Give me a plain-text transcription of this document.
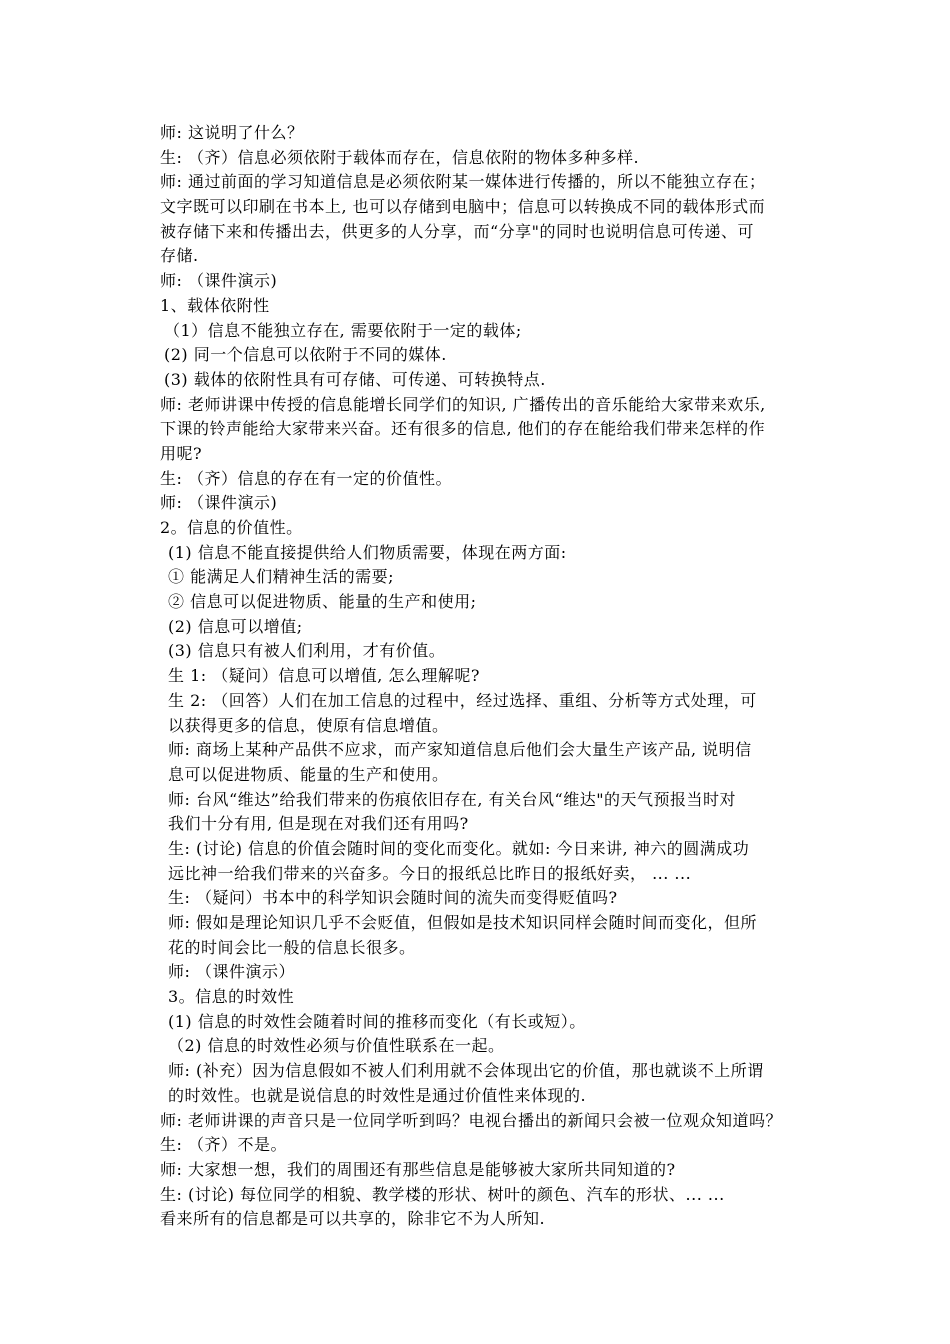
师: 这说明了什么？
生: （齐）信息必须依附于载体而存在，信息依附的物体多种多样.
师: 通过前面的学习知道信息是必须依附某一媒体进行传播的，所以不能独立存在；
文字既可以印刷在书本上, 也可以存储到电脑中；信息可以转换成不同的载体形式而
被存储下来和传播出去，供更多的人分享，而“分享"的同时也说明信息可传递、可
存储.
师: （课件演示)
1、载体依附性
（1）信息不能独立存在, 需要依附于一定的载体;
(2) 同一个信息可以依附于不同的媒体.
(3) 载体的依附性具有可存储、可传递、可转换特点.
师: 老师讲课中传授的信息能增长同学们的知识, 广播传出的音乐能给大家带来欢乐,
下课的铃声能给大家带来兴奋。还有很多的信息, 他们的存在能给我们带来怎样的作
用呢?
生: （齐）信息的存在有一定的价值性。
师: （课件演示)
2。信息的价值性。
(1) 信息不能直接提供给人们物质需要，体现在两方面:
① 能满足人们精神生活的需要;
② 信息可以促进物质、能量的生产和使用;
(2) 信息可以增值;
(3) 信息只有被人们利用，才有价值。
生 1: （疑问）信息可以增值, 怎么理解呢?
生 2: （回答）人们在加工信息的过程中，经过选择、重组、分析等方式处理，可
以获得更多的信息，使原有信息增值。
师: 商场上某种产品供不应求，而产家知道信息后他们会大量生产该产品, 说明信
息可以促进物质、能量的生产和使用。
师: 台风“维达”给我们带来的伤痕依旧存在, 有关台风“维达"的天气预报当时对
我们十分有用, 但是现在对我们还有用吗?
生: (讨论) 信息的价值会随时间的变化而变化。就如: 今日来讲, 神六的圆满成功
远比神一给我们带来的兴奋多。今日的报纸总比昨日的报纸好卖， ... ...
生: （疑问）书本中的科学知识会随时间的流失而变得贬值吗?
师: 假如是理论知识几乎不会贬值，但假如是技术知识同样会随时间而变化，但所
花的时间会比一般的信息长很多。
师: （课件演示）
3。信息的时效性
(1) 信息的时效性会随着时间的推移而变化（有长或短）。
（2) 信息的时效性必须与价值性联系在一起。
师: (补充）因为信息假如不被人们利用就不会体现出它的价值，那也就谈不上所谓
的时效性。也就是说信息的时效性是通过价值性来体现的.
师: 老师讲课的声音只是一位同学听到吗？电视台播出的新闻只会被一位观众知道吗？
生: （齐）不是。
师: 大家想一想，我们的周围还有那些信息是能够被大家所共同知道的?
生: (讨论) 每位同学的相貌、教学楼的形状、树叶的颜色、汽车的形状、... ...
看来所有的信息都是可以共享的，除非它不为人所知.
